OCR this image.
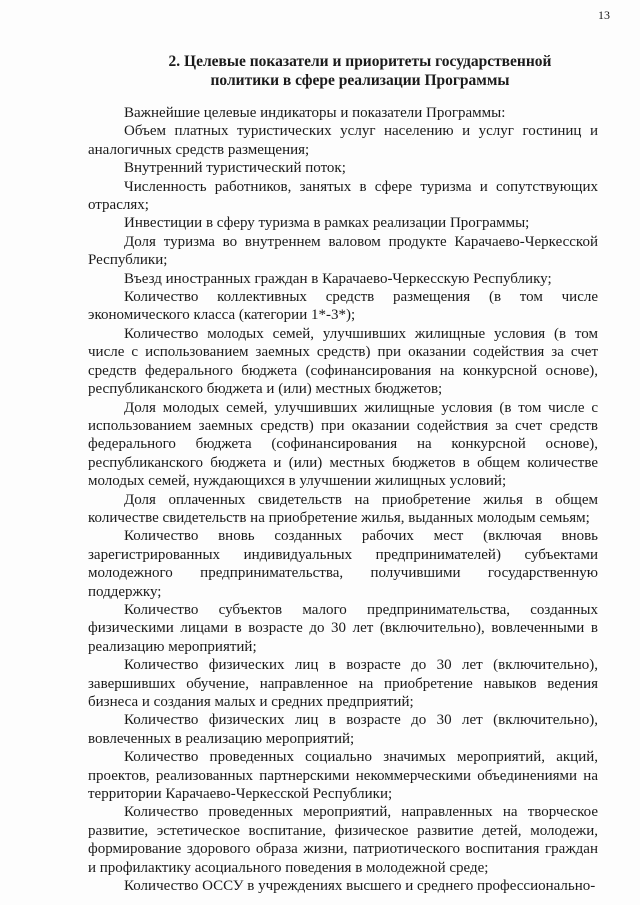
13
2. Целевые показатели и приоритеты государственной
политики в сфере реализации Программы

Важнейшие целевые индикаторы и показатели Программы:

Объем платных туристических услуг населению и услуг гостиниц и аналогичных средств размещения;

Внутренний туристический поток;

Численность работников, занятых в сфере туризма и сопутствующих отраслях;

Инвестиции в сферу туризма в рамках реализации Программы;

Доля туризма во внутреннем валовом продукте Карачаево-Черкесской Республики;

Въезд иностранных граждан в Карачаево-Черкесскую Республику;

Количество коллективных средств размещения (в том числе экономического класса (категории 1*-3*);

Количество молодых семей, улучшивших жилищные условия (в том числе с использованием заемных средств) при оказании содействия за счет средств федерального бюджета (софинансирования на конкурсной основе), республиканского бюджета и (или) местных бюджетов;

Доля молодых семей, улучшивших жилищные условия (в том числе с использованием заемных средств) при оказании содействия за счет средств федерального бюджета (софинансирования на конкурсной основе), республиканского бюджета и (или) местных бюджетов в общем количестве молодых семей, нуждающихся в улучшении жилищных условий;

Доля оплаченных свидетельств на приобретение жилья в общем количестве свидетельств на приобретение жилья, выданных молодым семьям;

Количество вновь созданных рабочих мест (включая вновь зарегистрированных индивидуальных предпринимателей) субъектами молодежного предпринимательства, получившими государственную поддержку;

Количество субъектов малого предпринимательства, созданных физическими лицами в возрасте до 30 лет (включительно), вовлеченными в реализацию мероприятий;

Количество физических лиц в возрасте до 30 лет (включительно), завершивших обучение, направленное на приобретение навыков ведения бизнеса и создания малых и средних предприятий;

Количество физических лиц в возрасте до 30 лет (включительно), вовлеченных в реализацию мероприятий;

Количество проведенных социально значимых мероприятий, акций, проектов, реализованных партнерскими некоммерческими объединениями на территории Карачаево-Черкесской Республики;

Количество проведенных мероприятий, направленных на творческое развитие, эстетическое воспитание, физическое развитие детей, молодежи, формирование здорового образа жизни, патриотического воспитания граждан и профилактику асоциального поведения в молодежной среде;

Количество ОССУ в учреждениях высшего и среднего профессионально-
